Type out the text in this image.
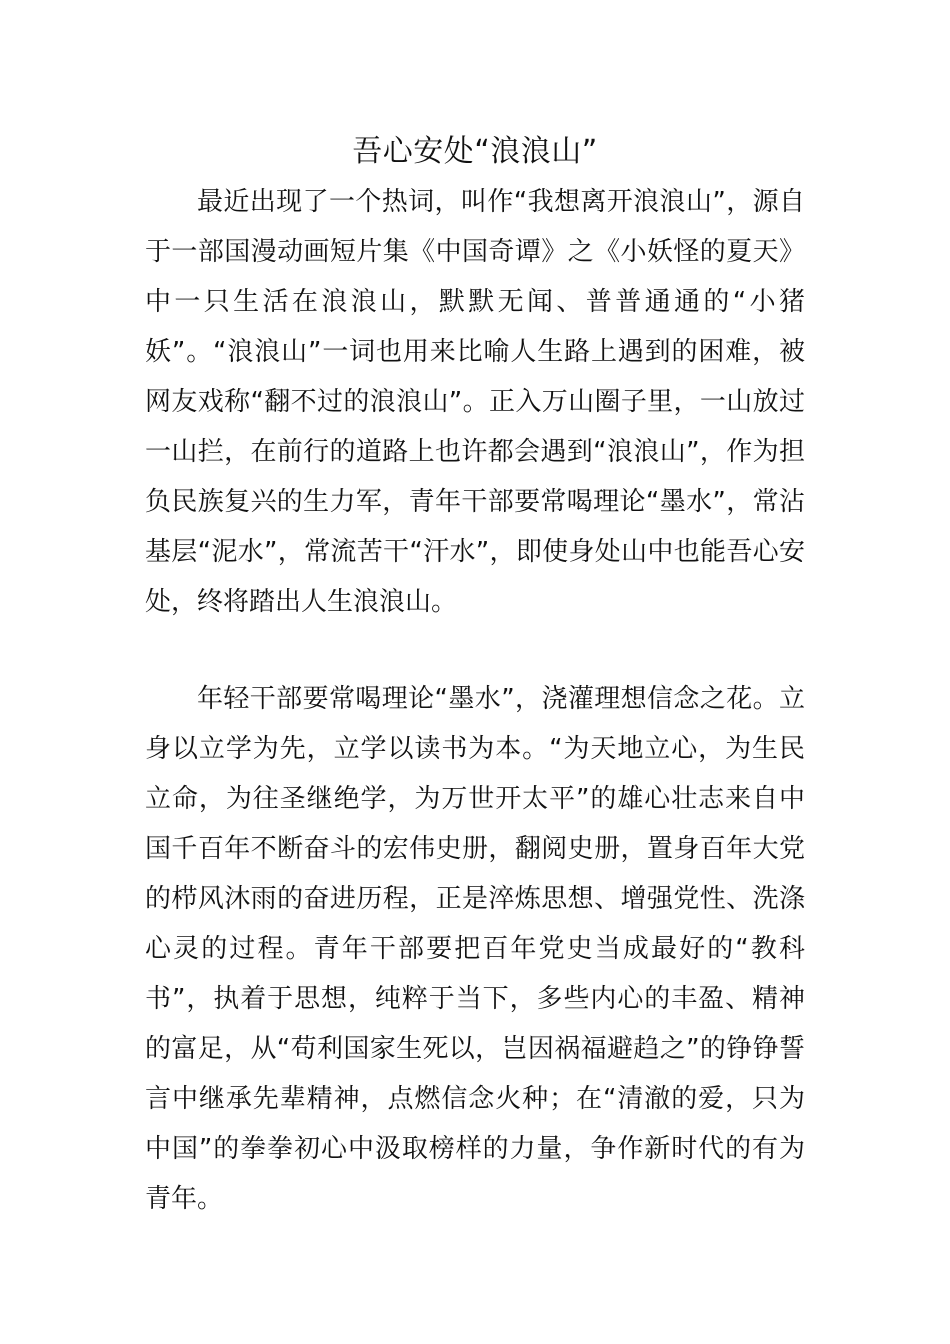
吾心安处“浪浪山”

最近出现了一个热词，叫作“我想离开浪浪山”，源自于一部国漫动画短片集《中国奇谭》之《小妖怪的夏天》中一只生活在浪浪山，默默无闻、普普通通的“小猪妖”。“浪浪山”一词也用来比喻人生路上遇到的困难，被网友戏称“翻不过的浪浪山”。正入万山圈子里，一山放过一山拦，在前行的道路上也许都会遇到“浪浪山”，作为担负民族复兴的生力军，青年干部要常喝理论“墨水”，常沾基层“泥水”，常流苦干“汗水”，即使身处山中也能吾心安处，终将踏出人生浪浪山。

年轻干部要常喝理论“墨水”，浇灌理想信念之花。立身以立学为先，立学以读书为本。“为天地立心，为生民立命，为往圣继绝学，为万世开太平”的雄心壮志来自中国千百年不断奋斗的宏伟史册，翻阅史册，置身百年大党的栉风沐雨的奋进历程，正是淬炼思想、增强党性、洗涤心灵的过程。青年干部要把百年党史当成最好的“教科书”，执着于思想，纯粹于当下，多些内心的丰盈、精神的富足，从“苟利国家生死以，岂因祸福避趋之”的铮铮誓言中继承先辈精神，点燃信念火种；在“清澈的爱，只为中国”的拳拳初心中汲取榜样的力量，争作新时代的有为青年。
